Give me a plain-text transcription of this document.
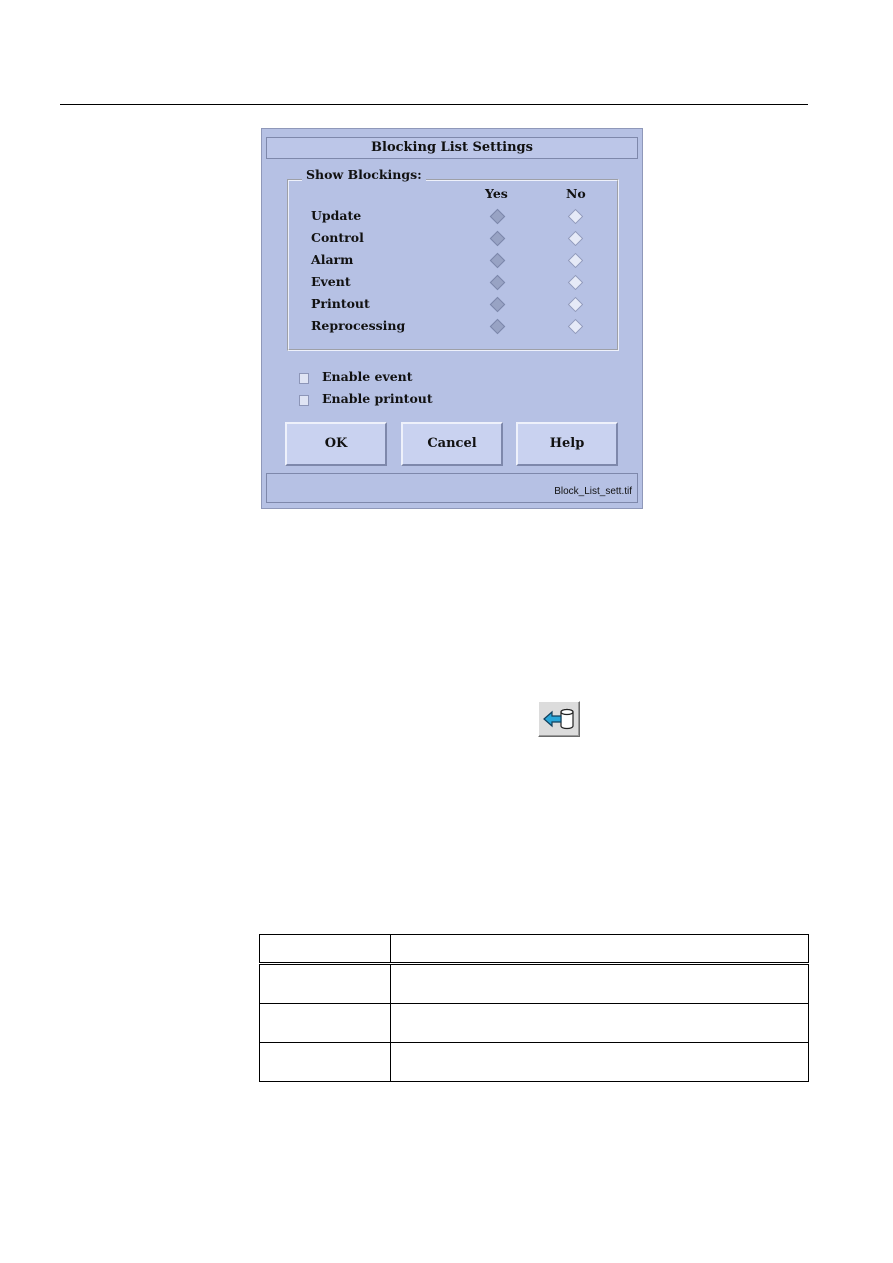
Blocking List Settings
Show Blockings:
Yes	No
Update
Control
Alarm
Event
Printout
Reprocessing
Enable event
Enable printout
OK	Cancel	Help
Block_List_sett.tif
